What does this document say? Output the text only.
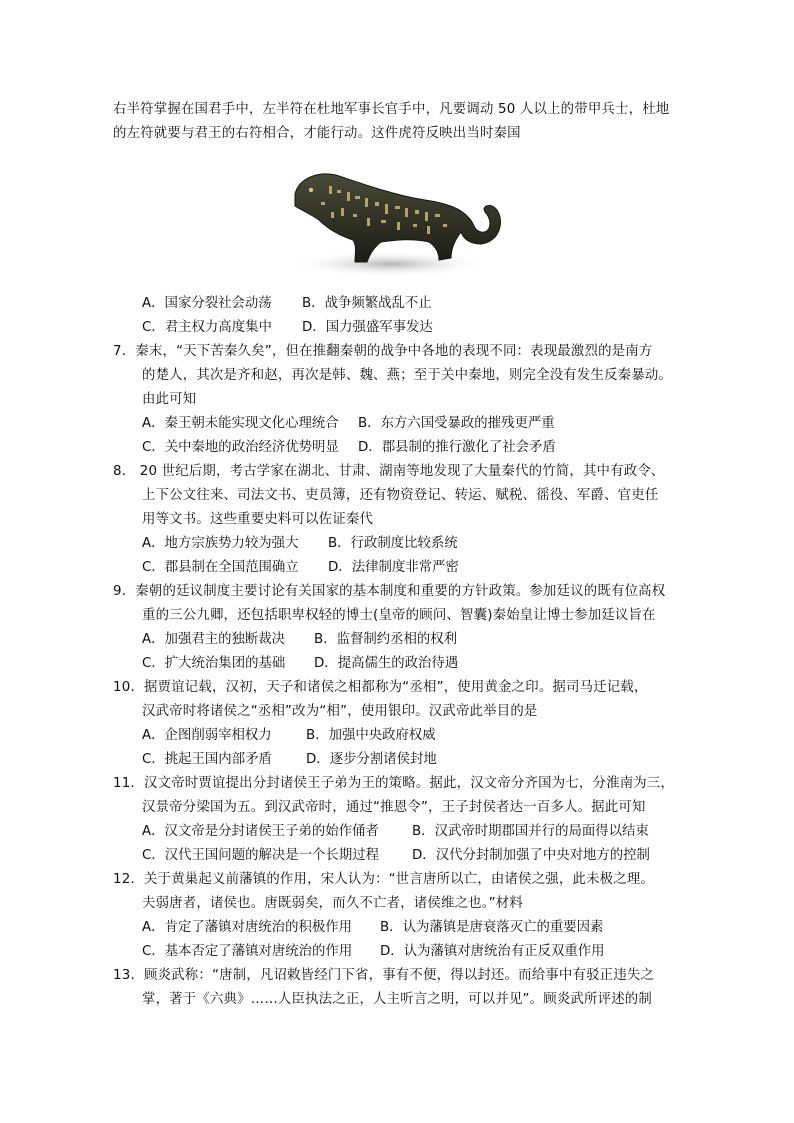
右半符掌握在国君手中，左半符在杜地军事长官手中，凡要调动 50 人以上的带甲兵士，杜地
的左符就要与君王的右符相合，才能行动。这件虎符反映出当时秦国
A．国家分裂社会动荡 B．战争频繁战乱不止
C．君主权力高度集中 D．国力强盛军事发达
7．秦末，“天下苦秦久矣”，但在推翻秦朝的战争中各地的表现不同：表现最激烈的是南方
的楚人，其次是齐和赵，再次是韩、魏、燕；至于关中秦地，则完全没有发生反秦暴动。
由此可知
A．秦王朝未能实现文化心理统合 B．东方六国受暴政的摧残更严重
C．关中秦地的政治经济优势明显 D．郡县制的推行激化了社会矛盾
8． 20 世纪后期，考古学家在湖北、甘肃、湖南等地发现了大量秦代的竹简，其中有政令、
上下公文往来、司法文书、吏员簿，还有物资登记、转运、赋税、徭役、军爵、官吏任
用等文书。这些重要史料可以佐证秦代
A．地方宗族势力较为强大 B．行政制度比较系统
C．郡县制在全国范围确立 D．法律制度非常严密
9．秦朝的廷议制度主要讨论有关国家的基本制度和重要的方针政策。参加廷议的既有位高权
重的三公九卿，还包括职卑权轻的博士(皇帝的顾问、智囊)秦始皇让博士参加廷议旨在
A．加强君主的独断裁决 B．监督制约丞相的权利
C．扩大统治集团的基础 D．提高儒生的政治待遇
10．据贾谊记载，汉初，天子和诸侯之相都称为“丞相”，使用黄金之印。据司马迁记载，
汉武帝时将诸侯之“丞相”改为“相”，使用银印。汉武帝此举目的是
A．企图削弱宰相权力	B．加强中央政府权威
C．挑起王国内部矛盾	D．逐步分割诸侯封地
11．汉文帝时贾谊提出分封诸侯王子弟为王的策略。据此，汉文帝分齐国为七，分淮南为三，
汉景帝分梁国为五。到汉武帝时，通过“推恩令”，王子封侯者达一百多人。据此可知
A．汉文帝是分封诸侯王子弟的始作俑者 B．汉武帝时期郡国并行的局面得以结束
C．汉代王国问题的解决是一个长期过程 D．汉代分封制加强了中央对地方的控制
12．关于黄巢起义前藩镇的作用，宋人认为：“世言唐所以亡，由诸侯之强，此未极之理。
夫弱唐者，诸侯也。唐既弱矣，而久不亡者，诸侯维之也。”材料
A．肯定了藩镇对唐统治的积极作用 B．认为藩镇是唐衰落灭亡的重要因素
C．基本否定了藩镇对唐统治的作用 D．认为藩镇对唐统治有正反双重作用
13．顾炎武称：“唐制，凡诏敕皆经门下省，事有不便，得以封还。而给事中有驳正违失之
掌，著于《六典》……人臣执法之正，人主听言之明，可以并见”。顾炎武所评述的制
